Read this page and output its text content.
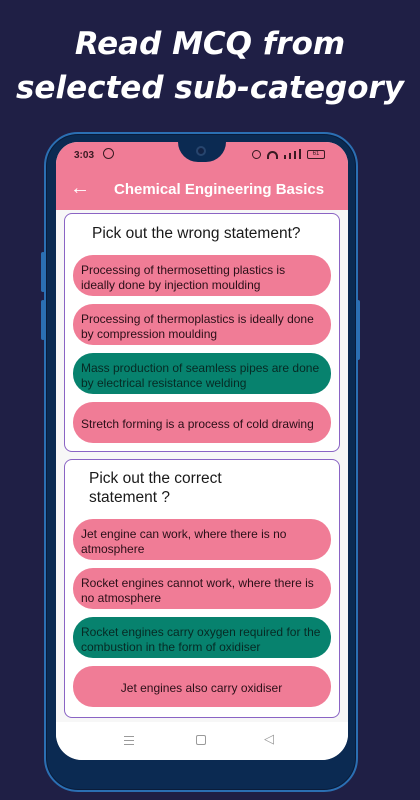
Read MCQ from
selected sub-category
3:03	61
← Chemical Engineering Basics
Pick out the wrong statement?
Processing of thermosetting plastics is ideally done by injection moulding
Processing of thermoplastics is ideally done by compression moulding
Mass production of seamless pipes are done by electrical resistance welding
Stretch forming is a process of cold drawing
Pick out the correct statement ?
Jet engine can work, where there is no atmosphere
Rocket engines cannot work, where there is no atmosphere
Rocket engines carry oxygen required for the combustion in the form of oxidiser
Jet engines also carry oxidiser
◁
